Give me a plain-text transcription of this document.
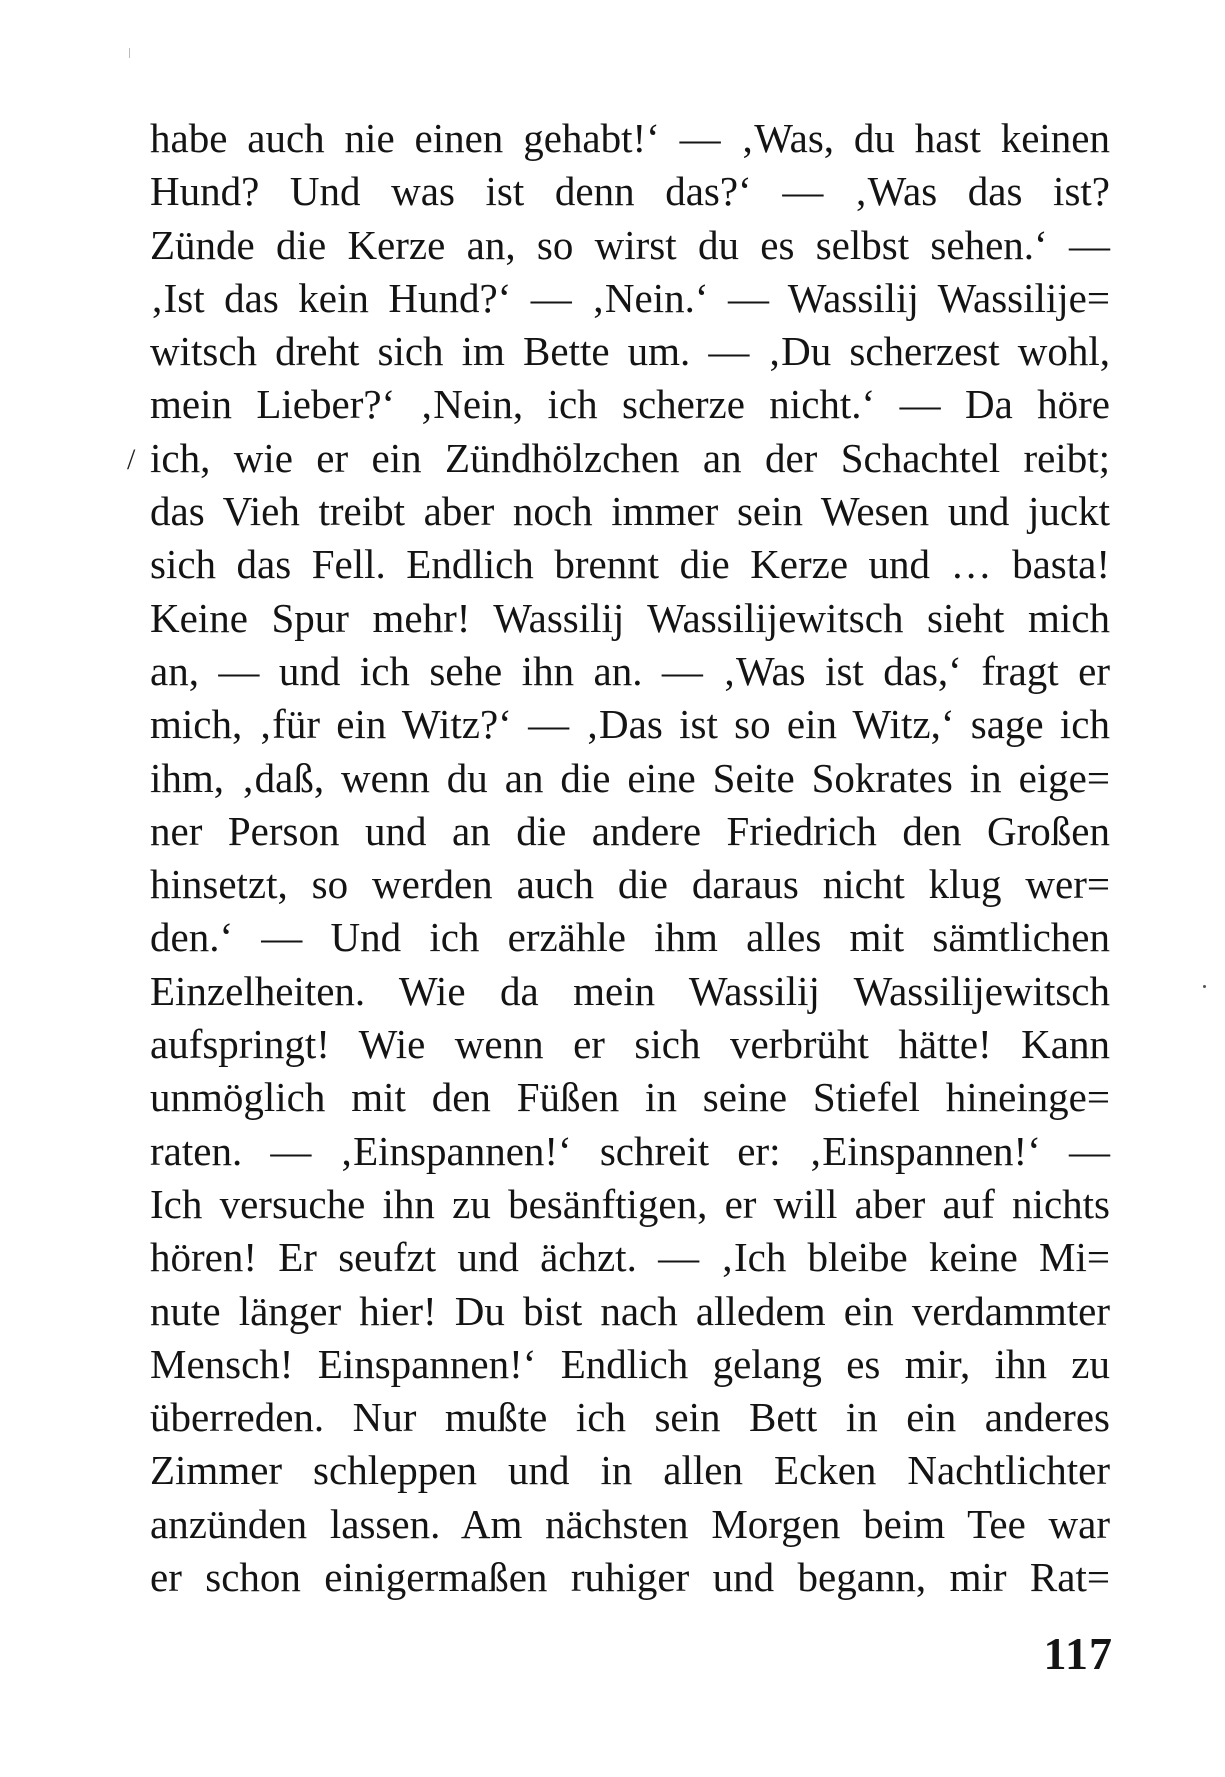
/
habe auch nie einen gehabt!‘ — ‚Was, du hast keinen
Hund? Und was ist denn das?‘ — ‚Was das ist?
Zünde die Kerze an, so wirst du es selbst sehen.‘ —
‚Ist das kein Hund?‘ — ‚Nein.‘ — Wassilij Wassilije=
witsch dreht sich im Bette um. — ‚Du scherzest wohl,
mein Lieber?‘ ‚Nein, ich scherze nicht.‘ — Da höre
ich, wie er ein Zündhölzchen an der Schachtel reibt;
das Vieh treibt aber noch immer sein Wesen und juckt
sich das Fell. Endlich brennt die Kerze und … basta!
Keine Spur mehr! Wassilij Wassilijewitsch sieht mich
an, — und ich sehe ihn an. — ‚Was ist das,‘ fragt er
mich, ‚für ein Witz?‘ — ‚Das ist so ein Witz,‘ sage ich
ihm, ‚daß, wenn du an die eine Seite Sokrates in eige=
ner Person und an die andere Friedrich den Großen
hinsetzt, so werden auch die daraus nicht klug wer=
den.‘ — Und ich erzähle ihm alles mit sämtlichen
Einzelheiten. Wie da mein Wassilij Wassilijewitsch
aufspringt! Wie wenn er sich verbrüht hätte! Kann
unmöglich mit den Füßen in seine Stiefel hineinge=
raten. — ‚Einspannen!‘ schreit er: ‚Einspannen!‘ —
Ich versuche ihn zu besänftigen, er will aber auf nichts
hören! Er seufzt und ächzt. — ‚Ich bleibe keine Mi=
nute länger hier! Du bist nach alledem ein verdammter
Mensch! Einspannen!‘ Endlich gelang es mir, ihn zu
überreden. Nur mußte ich sein Bett in ein anderes
Zimmer schleppen und in allen Ecken Nachtlichter
anzünden lassen. Am nächsten Morgen beim Tee war
er schon einigermaßen ruhiger und begann, mir Rat=
117
